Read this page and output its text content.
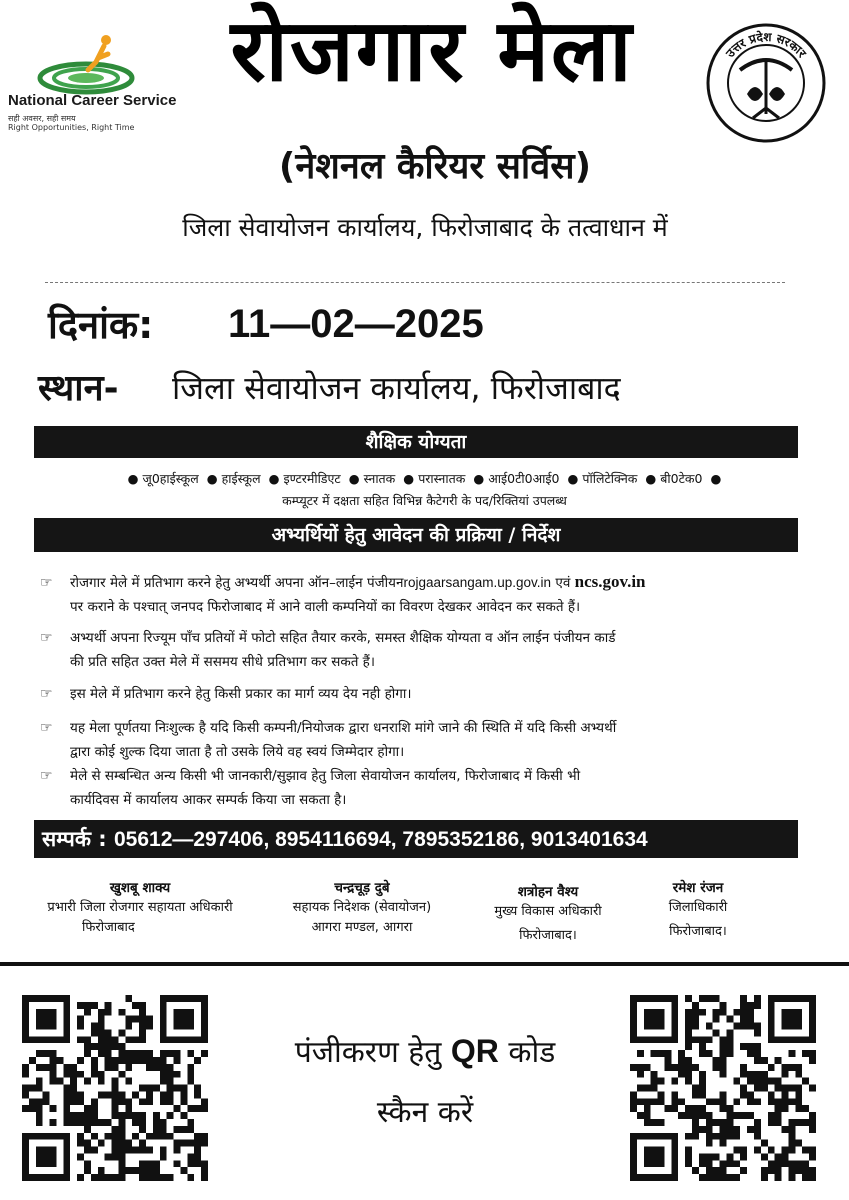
National Career Service
सही अवसर, सही समय
Right Opportunities, Right Time
रोजगार मेला
(नेशनल कैरियर सर्विस)
उत्तर प्रदेश सरकार
जिला सेवायोजन कार्यालय, फिरोजाबाद के तत्वाधान में
दिनांक: 11—02—2025
स्थान- जिला सेवायोजन कार्यालय, फिरोजाबाद
शैक्षिक योग्यता
● जू0हाईस्कूल ● हाईस्कूल ● इण्टरमीडिएट ● स्नातक ● परास्नातक ● आई0टी0आई0 ● पॉलिटेक्निक ● बी0टेक0 ●
कम्प्यूटर में दक्षता सहित विभिन्न कैटेगरी के पद/रिक्तियां उपलब्ध
अभ्यर्थियों हेतु आवेदन की प्रक्रिया / निर्देश
☞ रोजगार मेले में प्रतिभाग करने हेतु अभ्यर्थी अपना ऑन–लाईन पंजीयनrojgaarsangam.up.gov.in एवं ncs.gov.in
पर कराने के पश्चात् जनपद फिरोजाबाद में आने वाली कम्पनियों का विवरण देखकर आवेदन कर सकते हैं।
☞ अभ्यर्थी अपना रिज्यूम पाँच प्रतियों में फोटो सहित तैयार करके, समस्त शैक्षिक योग्यता व ऑन लाईन पंजीयन कार्ड
की प्रति सहित उक्त मेले में ससमय सीधे प्रतिभाग कर सकते हैं।
☞ इस मेले में प्रतिभाग करने हेतु किसी प्रकार का मार्ग व्यय देय नही होगा।
☞ यह मेला पूर्णतया निःशुल्क है यदि किसी कम्पनी/नियोजक द्वारा धनराशि मांगे जाने की स्थिति में यदि किसी अभ्यर्थी
द्वारा कोई शुल्क दिया जाता है तो उसके लिये वह स्वयं जिम्मेदार होगा।
☞ मेले से सम्बन्धित अन्य किसी भी जानकारी/सुझाव हेतु जिला सेवायोजन कार्यालय, फिरोजाबाद में किसी भी
कार्यदिवस में कार्यालय आकर सम्पर्क किया जा सकता है।
सम्पर्क : 05612—297406, 8954116694, 7895352186, 9013401634
खुशबू शाक्य
प्रभारी जिला रोजगार सहायता अधिकारी
फिरोजाबाद
चन्द्रचूड़ दुबे
सहायक निदेशक (सेवायोजन)
आगरा मण्डल, आगरा
शत्रोहन वैश्य
मुख्य विकास अधिकारी
फिरोजाबाद।
रमेश रंजन
जिलाधिकारी
फिरोजाबाद।
पंजीकरण हेतु QR कोड
स्कैन करें
